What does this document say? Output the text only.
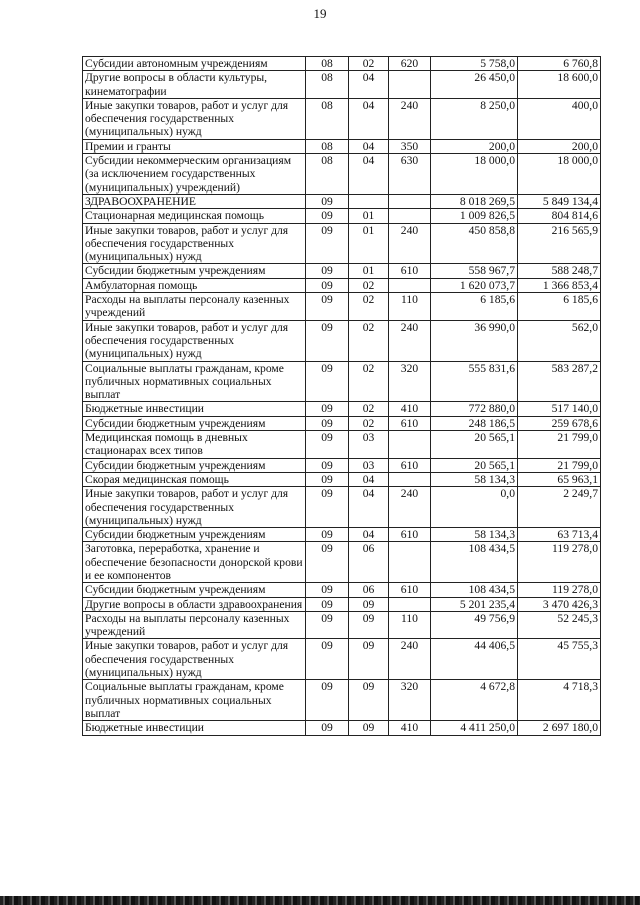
19
Субсидии автономным учреждениям	08	02	620	5 758,0	6 760,8
Другие вопросы в области культуры, кинематографии	08	04		26 450,0	18 600,0
Иные закупки товаров, работ и услуг для обеспечения государственных (муниципальных) нужд	08	04	240	8 250,0	400,0
Премии и гранты	08	04	350	200,0	200,0
Субсидии некоммерческим организациям (за исключением государственных (муниципальных) учреждений)	08	04	630	18 000,0	18 000,0
ЗДРАВООХРАНЕНИЕ	09			8 018 269,5	5 849 134,4
Стационарная медицинская помощь	09	01		1 009 826,5	804 814,6
Иные закупки товаров, работ и услуг для обеспечения государственных (муниципальных) нужд	09	01	240	450 858,8	216 565,9
Субсидии бюджетным учреждениям	09	01	610	558 967,7	588 248,7
Амбулаторная помощь	09	02		1 620 073,7	1 366 853,4
Расходы на выплаты персоналу казенных учреждений	09	02	110	6 185,6	6 185,6
Иные закупки товаров, работ и услуг для обеспечения государственных (муниципальных) нужд	09	02	240	36 990,0	562,0
Социальные выплаты гражданам, кроме публичных нормативных социальных выплат	09	02	320	555 831,6	583 287,2
Бюджетные инвестиции	09	02	410	772 880,0	517 140,0
Субсидии бюджетным учреждениям	09	02	610	248 186,5	259 678,6
Медицинская помощь в дневных стационарах всех типов	09	03		20 565,1	21 799,0
Субсидии бюджетным учреждениям	09	03	610	20 565,1	21 799,0
Скорая медицинская помощь	09	04		58 134,3	65 963,1
Иные закупки товаров, работ и услуг для обеспечения государственных (муниципальных) нужд	09	04	240	0,0	2 249,7
Субсидии бюджетным учреждениям	09	04	610	58 134,3	63 713,4
Заготовка, переработка, хранение и обеспечение безопасности донорской крови и ее компонентов	09	06		108 434,5	119 278,0
Субсидии бюджетным учреждениям	09	06	610	108 434,5	119 278,0
Другие вопросы в области здравоохранения	09	09		5 201 235,4	3 470 426,3
Расходы на выплаты персоналу казенных учреждений	09	09	110	49 756,9	52 245,3
Иные закупки товаров, работ и услуг для обеспечения государственных (муниципальных) нужд	09	09	240	44 406,5	45 755,3
Социальные выплаты гражданам, кроме публичных нормативных социальных выплат	09	09	320	4 672,8	4 718,3
Бюджетные инвестиции	09	09	410	4 411 250,0	2 697 180,0
